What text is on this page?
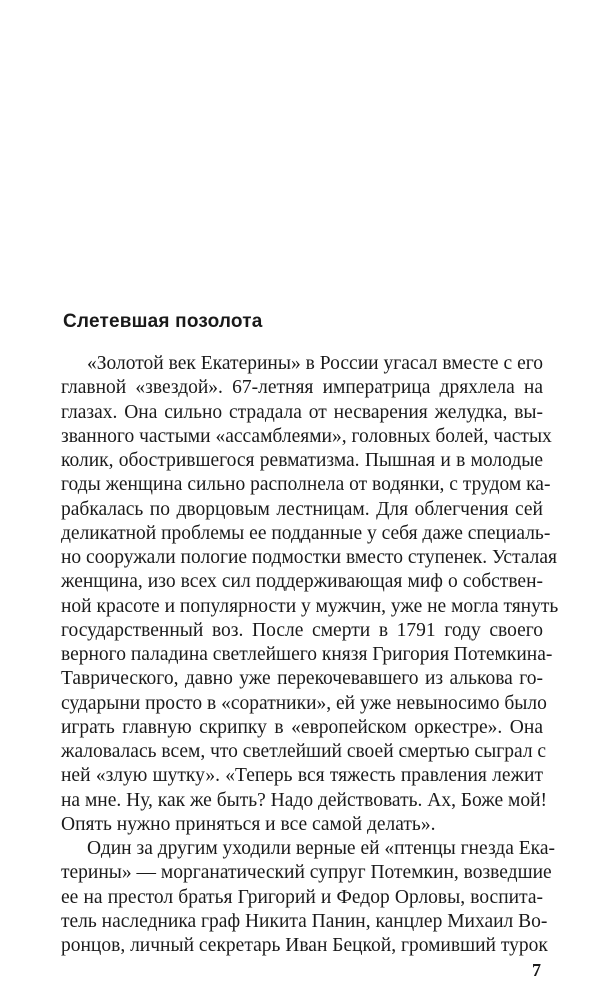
Слетевшая позолота
«Золотой век Екатерины» в России угасал вместе с его
главной «звездой». 67-летняя императрица дряхлела на
глазах. Она сильно страдала от несварения желудка, вы-
званного частыми «ассамблеями», головных болей, частых
колик, обострившегося ревматизма. Пышная и в молодые
годы женщина сильно располнела от водянки, с трудом ка-
рабкалась по дворцовым лестницам. Для облегчения сей
деликатной проблемы ее подданные у себя даже специаль-
но сооружали пологие подмостки вместо ступенек. Усталая
женщина, изо всех сил поддерживающая миф о собствен-
ной красоте и популярности у мужчин, уже не могла тянуть
государственный воз. После смерти в 1791 году своего
верного паладина светлейшего князя Григория Потемкина-
Таврического, давно уже перекочевавшего из алькова го-
сударыни просто в «соратники», ей уже невыносимо было
играть главную скрипку в «европейском оркестре». Она
жаловалась всем, что светлейший своей смертью сыграл с
ней «злую шутку». «Теперь вся тяжесть правления лежит
на мне. Ну, как же быть? Надо действовать. Ах, Боже мой!
Опять нужно приняться и все самой делать».
Один за другим уходили верные ей «птенцы гнезда Ека-
терины» — морганатический супруг Потемкин, возведшие
ее на престол братья Григорий и Федор Орловы, воспита-
тель наследника граф Никита Панин, канцлер Михаил Во-
ронцов, личный секретарь Иван Бецкой, громивший турок
7
